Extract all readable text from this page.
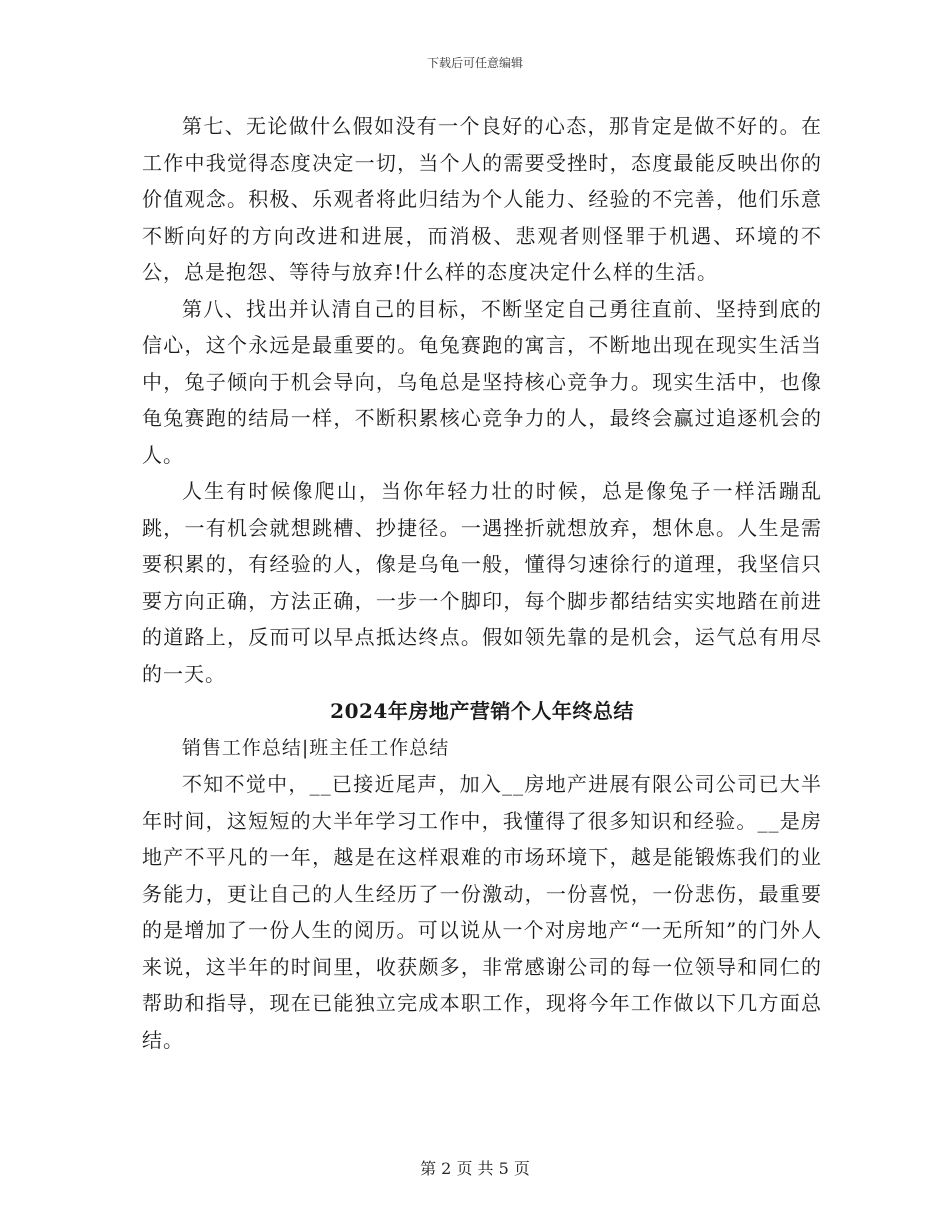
下载后可任意编辑

第七、无论做什么假如没有一个良好的心态，那肯定是做不好的。在工作中我觉得态度决定一切，当个人的需要受挫时，态度最能反映出你的价值观念。积极、乐观者将此归结为个人能力、经验的不完善，他们乐意不断向好的方向改进和进展，而消极、悲观者则怪罪于机遇、环境的不公，总是抱怨、等待与放弃!什么样的态度决定什么样的生活。

第八、找出并认清自己的目标，不断坚定自己勇往直前、坚持到底的信心，这个永远是最重要的。龟兔赛跑的寓言，不断地出现在现实生活当中，兔子倾向于机会导向，乌龟总是坚持核心竞争力。现实生活中，也像龟兔赛跑的结局一样，不断积累核心竞争力的人，最终会赢过追逐机会的人。

人生有时候像爬山，当你年轻力壮的时候，总是像兔子一样活蹦乱跳，一有机会就想跳槽、抄捷径。一遇挫折就想放弃，想休息。人生是需要积累的，有经验的人，像是乌龟一般，懂得匀速徐行的道理，我坚信只要方向正确，方法正确，一步一个脚印，每个脚步都结结实实地踏在前进的道路上，反而可以早点抵达终点。假如领先靠的是机会，运气总有用尽的一天。

2024年房地产营销个人年终总结

销售工作总结|班主任工作总结

不知不觉中，__已接近尾声，加入__房地产进展有限公司公司已大半年时间，这短短的大半年学习工作中，我懂得了很多知识和经验。__是房地产不平凡的一年，越是在这样艰难的市场环境下，越是能锻炼我们的业务能力，更让自己的人生经历了一份激动，一份喜悦，一份悲伤，最重要的是增加了一份人生的阅历。可以说从一个对房地产“一无所知”的门外人来说，这半年的时间里，收获颇多，非常感谢公司的每一位领导和同仁的帮助和指导，现在已能独立完成本职工作，现将今年工作做以下几方面总结。

第 2 页 共 5 页
